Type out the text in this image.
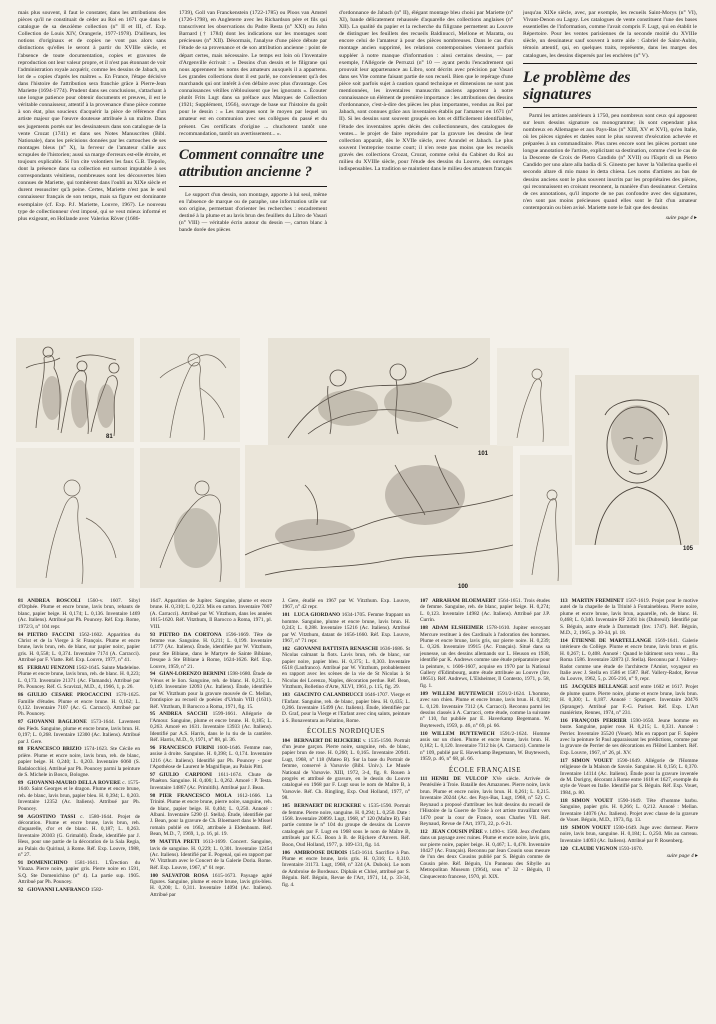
mais plus souvent, il faut le constater, dans les attributions des pièces qu'il ne constituait de céder au Roi en 1671 que dans le catalogue de sa deuxième collection (n° II et III, cf. Exp. Collection de Louis XIV, Orangerie, 1977-1978). D'ailleurs, les notions d'originaux et de copies ne vont pas alors sans distinctions qu'elles le seront à partir du XVIIIe siècle, et l'absence de toute documentation, copies et gravures de reproduction ont leur valeur propre, et il n'est pas étonnant de voir l'administration royale acquérir, comme les dessins de Jabach, un lot de « copies d'après les maîtres ». En France, l'étape décisive dans l'histoire de l'attribution sera franchie grâce à Pierre-Jean Mariette (1694-1774). Prudent dans ses conclusions, s'attachant à une longue patience pour obtenir documents et preuves, il est le véritable connaisseur, attentif à la provenance d'une pièce comme à son état, plus soucieux d'acquérir la pièce de référence d'un artiste majeur que l'œuvre douteuse attribuée à un maître. Dans ses jugements portés sur les dessinateurs dans son catalogue de la vente Crozat (1741) et dans ses Notes Manuscrites (Bibl. Nationale), dans les précisions données par les cartouches de ses montages bleus (n° X), la ferveur de l'amateur s'allie aux scrupules de l'historien; aussi sa marge d'erreurs est-elle étroite, et toujours explicable. Si l'on cite volontiers les faux G.B. Tiepolo, dont la présence dans sa collection est surtout imputable à ses correspondants vénitiens, nombreuses sont les découvertes bien connues de Mariette, qui tombèrent dans l'oubli au XIXe siècle et durent ressusciter qu'à peine. Certes, Mariette n'est pas le seul connaisseur français de son temps, mais sa figure est dominante exemplaire (cf. Exp. P.J. Mariette, Louvre, 1967). Le nouveau type de collectionneur s'est imposé, qui se veut mieux informé et plus exigeant, en Hollande avec Valerius Röver (1686-

1739), Goll van Franckenstein (1722-1785) ou Ploos van Amstel (1726-1798), en Angleterre avec les Richardson père et fils qui transcrivent les observations du Padre Resta (n° XXI) ou John Barnard († 1784) dont les indications sur les montages sont précieuses (n° XII). Désormais, l'analyse d'une pièce débute par l'étude de sa provenance et de son attribution ancienne : point de départ certes, mais nécessaire. Le temps est loin où l'inventaire d'Argenville écrivait : « Dessins d'un dessin et le filigrane qui nous apprennent les noms des amateurs auxquels il a appartenu. Les grandes collections dont il est parlé, ne conviennent qu'à des marchands qui ont intérêt à s'en défaire avec plus d'avantage. Ces connaissances vétilles n'éblouissent que les ignorants ». Écouter plutôt Frits Lugt dans sa préface aux Marques de Collection (1921; Supplément, 1956), ouvrage de base sur l'histoire du goût pour le dessin : « Les marques sont le moyen par lequel un amateur est en communion avec ses collègues du passé et du présent. Ces certificats d'origine ... chuchotent tantôt une recommandation, tantôt un avertissement... ».

Comment connaître une attribution ancienne ?

Le support d'un dessin, son montage, apporte à lui seul, même en l'absence de marque ou de paraphe, une information utile sur son origine, permettant d'orienter les recherches : encadrement destiné à la plume et au lavis brun des feuillets du Libro de Vasari (n° VIII) — véritable écrin autour du dessin —, carton blanc à bande dorée des pièces

d'ordonnance de Jabach (n° II), élégant montage bleu choisi par Mariette (n° XI), bande délicatement rehaussée d'aquarelle des collections anglaises (n° XII). La qualité du papier et la recherche du filigrane permettent au Louvre de distinguer les feuillets des recueils Baldinucci, Mellone et Maratta, ou encore celui de l'amateur à pour des pièces nombreuses. Dans le cas d'un montage ancien supprimé, les relations contemporaines viennent parfois suppléer à notre manque d'information : ainsi certains dessins, — par exemple, l'Allégorie de Perruzzi (n° 10 — ayant perdu l'encadrement qui prouvait leur appartenance au Libro, sont décrits avec précision par Vasari dans ses Vite comme faisant partie de son recueil. Bien que le repérage d'une pièce soit parfois sujet à caution quand technique et dimensions ne sont pas mentionnées, les inventaires manuscrits anciens apportent à notre connaissance un élément de première importance : les attributions des dessins d'ordonnance, c'est-à-dire des pièces les plus importantes, vendus au Roi par Jabach, sont connues grâce aux inventaires établis par l'amateur en 1671 (n° II). Si les dessins sont souvent groupés en lots et difficilement identifiables, l'étude des inventaires après décès des collectionneurs, des catalogues de ventes... le projet de faire reproduire par la gravure les dessins de leur collection apparaît, dès le XVIIe siècle, avec Arundel et Jabach. Le plus souvent l'entreprise tourne court; il n'en reste pas moins que les recueils gravés des collections Crozat, Crozat, comme celui du Cabinet du Roi au milieu du XVIIIe siècle, pour l'étude des dessins du Louvre, des ouvrages indispensables. La tradition se maintient dans le milieu des amateurs français

jusqu'au XIXe siècle, avec, par exemple, les recueils Saint-Morys (n° VI), Vivant-Denon ou Lagoy. Les catalogues de vente constituent l'une des bases essentielles de l'information, comme l'avait compris F. Lugt, qui en établit le Répertoire. Pour les ventes parisiennes de la seconde moitié du XVIIIe siècle, un dessinateur sauf souvent à notre aide : Gabriel de Saint-Aubin, témoin attentif, qui, en quelques traits, représente, dans les marges des catalogues, les dessins dispersés par les enchères (n° V).

Le problème des signatures

Parmi les artistes antérieurs à 1750, peu nombreux sont ceux qui apposent sur leurs dessins signature ou monogramme; ils sont cependant plus nombreux en Allemagne et aux Pays-Bas (n° XIII, XV et XVI), qu'en Italie, où les pièces signées et datées sont le plus souvent d'exécution achevée et préparées à un commanditaire. Plus rares encore sont les pièces portant une longue annotation de l'artiste, explicitant sa destination, comme c'est le cas de la Descente de Croix de Pietro Candido (n° XVII) ou l'Esprit di un Pietro Candido per uno alare alla badia di S. Ginesto per haver la Vallerina quello el secondo altare di mio mano in detta chiesa. Les noms d'artistes au bas de dessins anciens sont le plus souvent inscrits par les propriétaires des pièces, qui reconnaissent en croisant resonnent, la manière d'un dessinateur. Certains de ces annotations, qu'il importe de ne pas confondre avec des signatures, n'en sont pas moins précieuses quand elles sont le fait d'un amateur contemporain ou bien avisé. Mariette note le fait que des dessins

suite page 4 ▸
81
100
101
105
81 ANDREA BOSCOLI 1560-v. 1607. Sibyl d'Orphée. Plume et encre brune, lavis brun, rehauts de blanc, papier beige. H. 0,174; L. 0,136. Inventaire 1469 (Ac. Italiens). Attribué par Ph. Pouncey. Réf. Exp. Rome, 1972/3, n° 104 repr.
84 PIETRO FACCINI 1562-1602. Apparition du Christ et de la Vierge à St François. Plume et encre brune, lavis brun, reh. de blanc, sur papier noirc, papier gris. H. 0,558; L. 0,374. Inventaire 7174 (A. Carracci). Attribué par F. Viatte. Réf. Exp. Louvre, 1977, n° 41.
85 FERRAU FENZONI 1562-1645. Sainte Madeleine. Plume et encre brune, lavis brun, reh. de blanc. H. 0,223; L. 0,173. Inventaire 21371 (Ac. Flamands). Attribué par Ph. Pouncey. Réf. G. Scavizzi, M.D., 4, 1966, 1, p. 26.
86 GIULIO CESARE PROCACCINI 1570-1625. Famille d'études. Plume et encre brune. H. 0,162; L. 0,132. Inventaire 7107 (Ac. G. Carracci). Attribué par Ph. Pouncey.
87 GIOVANNI BAGLIONE 1573-1644. Lavement des Pieds. Sanguine, plume et encre brune, lavis brun. H. 0,197; L. 0,268. Inventaire 12300 (Ac. Italiens). Attribué par J. Gere.
88 FRANCESCO BRIZIO 1574-1623. Ste Cécile en prière. Plume et encre noire, lavis brun, reh. de blanc, papier beige. H. 0,240; L. 0,203. Inventaire 6060 (S. Badalocchio). Attribué par Ph. Pouncey parmi la peinture de S. Michele in Bosco, Bologne.
89 GIOVANNI-MAURO DELLA ROVERE c. 1575-1640. Saint Georges et le dragon. Plume et encre brune, reh. de blanc, lavis brun, papier bleu. H. 0,394; L. 0,203. Inventaire 12352 (Ac. Italiens). Attribué par Ph. Pouncey.
90 AGOSTINO TASSI c. 1580-1644. Projet de décoration. Plume et encre brune, lavis brun, reh. d'aquarelle, d'or et de blanc. H. 0,187; L. 0,263. Inventaire 20303 (G. Grimaldi). Étude, identifiée par J. Hess, pour une partie de la décoration de la Sala Regia, au Palais du Quirinal, à Rome. Réf. Exp. Louvre, 1988, n° 27.
91 DOMENICHINO 1581-1641. L'Érection du Vinaza. Pierre noire, papier gris. Pierre noire en 1591, S.Q. Ste Domenichino (n° 4). La partie sup. 1905. Attribué par Ph. Pouncey.
92 GIOVANNI LANFRANCO 1582-
1647. Apparition de Jupiter. Sanguine, plume et encre brune. H. 0,310; L. 0,223. Mis en carton. Inventaire 7007 (A. Carracci). Attribué par W. Vitzthum, dans les années 1615-1620. Réf. Vitzthum, Il Barocco a Roma, 1971, pl. VIII.
93 PIETRO DA CORTONA 1596-1669. Tête de femme vue. Sanguine. H. 0,211; L. 0,199. Inventaire 14777 (Ac. Italiens). Étude, identifiée par W. Vitzthum, pour Ste Bibiane, dans le Martyre de Sainte Bibiane, fresque à Ste Bibiane à Rome, 1624-1626. Réf. Exp. Louvre, 1959, n° 21.
94 GIAN-LORENZO BERNINI 1598-1680. Étude de Vénus et le lion. Sanguine, reh. de blanc. H. 0,215; L. 0,149. Inventaire 12093 (Ac. Italiens). Étude, identifiée par W. Vitzthum pour la gravure mouvée de C. Mellan, frontispice au recueil de poésies d'Urbain VIII (1631). Réf. Vitzthum, Il Barocco a Roma, 1971, fig. 15.
95 ANDREA SACCHI 1599-1661. Allégorie de l'Amour. Sanguine, plume et encre brune. H. 0,185; L. 0,263. Amoré en 1631. Inventaire 13933 (Ac. Italiens). Identifié par A.S. Harris, dans le lu tiu de la cantière. Réf. Harris, M.D., 9, 1971, n° 88, pl. 36.
96 FRANCESCO FURINI 1600-1646. Femme nue, assise à droite. Sanguine. H. 0,398; L. 0,174. Inventaire 1216 (Ac. Italiens). Identifié par Ph. Pouncey - pour l'Apothéose de Laurent le Magnifique, au Palais Pitti.
97 GIULIO CARPIONI 1611-1674. Chute de Phaéton. Sanguine. H. 0,406; L. 0,262. Amoré : P. Testa. Inventaire 14867 (Ac. Primitifs). Attribué par J. Bean.
98 PIER FRANCESCO MOLA 1612-1666. La Trinité. Plume et encre brune, pierre noire, sanguine, reh. de blanc, papier beige. H. 0,404; L. 0,250. Annoté : Albani. Inventaire 5290 (J. Stella). Étude, identifiée par J. Bean, pour la gravure de Ch. Bloemaert dans le Missel romain publié en 1662, attribuée à Eldenbaum. Réf. Bean, M.D., 7, 1969, 1, p. 16, pl. 19.
99 MATTIA PRETI 1613-1699. Concert. Sanguine, lavis de sanguine. H. 0,229; L. 0,301. Inventaire 12454 (Ac. Italiens). Identifié par E. Pogenal, qui en rapport par W. Vitzthum avec le Concert de la Galerie Doria. Rome. Réf. Exp. Louvre, 1967, n° 61 repr.
100 SALVATOR ROSA 1615-1673. Paysage agité figures. Sanguine, plume et encre brune, lavis gris-bleu. H. 0,200; L. 0,311. Inventaire 14094 (Ac. Italiens). Attribué par
J. Gere, étudié en 1967 par W. Vitzthum. Exp. Louvre, 1967, n° 42 repr.
101 LUCA GIORDANO 1634-1705. Femme frappant un homme. Sanguine, plume et encre brune, lavis brun. H. 0,243; L. 0,288. Inventaire 15216 (Ac. Italiens). Attribué par W. Vitzthum, datant de 1656-1660. Réf. Exp. Louvre, 1967, n° 71 repr.
102 GIOVANNI BATTISTA RENASCHI 1636-1686. St Nicolas calmant la flots. Lavis brun, reh. de blanc, sur papier noire, papier bleu. H. 0,375; L. 0,303. Inventaire 6518 (Lanfranco). Attribué par W. Vitzthum, probablement en rapport avec les scènes de la vie de St Nicolas à St Nicolas dei Lorenzo, Naples, décoration perdue. Réf. Bean, Vitzthum, Bolletino d'Arte, XLVI, 1961, p. 115, fig. 29.
103 GIACINTO CALANDRUCCI 1646-1707. Vierge et l'Enfant. Sanguine, reh. de blanc, papier bleu. H. 0,435; L. 0,266. Inventaire 15499 (Ac. Italiens). Étude, identifiée par D. Graf, pour la Vierge et l'Enfant avec cinq saints, peinture à S. Bonaventura au Palatino, Rome.
ÉCOLES NORDIQUES
104 BERNAERT DE RIJCKERE v. 1535-1590. Portrait d'un jeune garçon. Pierre noire, sanguine, reh. de blanc, papier brun de rose. H. 0,260; L. 0,165. Inventaire 20941. Lugt, 1968, n° 118 (Mateo B). Sur la base du Portrait de femme, conservé à Varsovie (Bibl. Univ.). Le Musée National de Varsovie. XIII, 1972, 3-4, fig. 8. Rouen à progrès et attribué de gravure, en le dessin du Louvre catalogué en 1968 par F. Lugt sous le nom de Maître B, à Varsovie. Réf. Ch. Ringling, Exp. Oud Holland, 1977, n° 98.
105 BERNAERT DE RIJCKERE v. 1535-1590. Portrait de femme. Pierre noire, sanguine. H. 0,294; L. 0,250. Date : 1568. Inventaire 20899. Lugt, 1968, n° 120 (Maître B). Fait partie comme le n° 104 du groupe de dessins du Louvre catalogués par F. Lugt en 1968 sous le nom de Maître B, attribués par K.G. Boon à B. de Rijckere d'Anvers. Réf. Boon, Oud Holland, 1977, p. 109-131, fig. 14.
106 AMBROOSE DUBOIS 1543-1614. Sacrifice à Pan. Plume et encre brune, lavis gris. H. 0,316; L. 0,310. Inventaire 31173. Lugt, 1968, n° 324 (A. Dubois). Le nom de Ambroise de Bordeaux. Diphaïs et Chloé, attribué par S. Béguin. Réf. Béguin, Revue de l'Art, 1971, 14, p. 33-34, fig. 4.
107 ABRAHAM BLOEMAERT 1564-1651. Trois études de femme. Sanguine, reh. de blanc, papier beige. H. 0,274; L. 0,123. Inventaire 14982 (Ac. Italiens). Attribué par J.P. Currin.
108 ADAM ELSHEIMER 1578-1610. Jupiter envoyant Mercure restituer à des Cardinals à l'adoration des hommes. Plume et encre brune, lavis gris, sur pierre noire. H. 0,239; L. 0,326. Inventaire 19915 (Ac. Français). Situé dans sa jeunesse, un des dessins allemands sur L. Heuson en 1938, identifié par K. Andrews comme une étude préparatoire pour la peinture, v. 1606-1607, acquise en 1970 par la National Gallery d'Edimbourg, autre étude attribuée au Louvre (Inv. 18651). Réf. Andrews, L'Elsheimer, Il Contesto, 1971, p. 58, fig. 1.
109 WILLEM BUYTEWECH 1591/2-1624. L'homme, avec son chien. Plume et encre brune, lavis brun. H. 0,182; L. 0,120. Inventaire 7312 (A. Carracci). Reconnu parmi les dessins classés à A. Carracci, cette étude, comme la suivante n° 110, fut publiée par E. Haverkamp Begemann. W. Buytewech, 1959, p. 46, n° 69, pl. 66.
110 WILLEM BUYTEWECH 1591/2-1624. Homme assis sur un chien. Plume et encre brune, lavis brun. H. 0,182; L. 0,120. Inventaire 7312 bis (A. Carracci). Comme le n° 109, publié par E. Haverkamp Begemann, W. Buytewech, 1959, p. 46, n° 68, pl. 66.
ÉCOLE FRANÇAISE
111 HENRI DE VULCOP XVe siècle. Arrivée de Pentésilée à Troie. Bataille des Amazones. Pierre noire, lavis brun. Plume et encre noire, lavis brun. H. 0,261; L. 0,215. Inventaire 20244 (Ac. des Pays-Bas, Lugt, 1968, n° 52). C. Reynaud a proposé d'attribuer les huit dessins du recueil de l'Histoire de la Guerre de Troie à cet artiste travaillant vers 1470 pour la cour de France, sous Charles VII. Réf. Reynaud, Revue de l'Art, 1973, 22, p. 6-21.
112 JEAN COUSIN PÈRE v. 1490-v. 1560. Jeux d'enfants dans un paysage avec ruines. Plume et encre noire, lavis gris, sur pierre noire, papier beige. H. 0,467; L. 0,478. Inventaire 10427 (Ac. Français). Reconnu par Jean Cousin sous mesure de l'un des deux Cousins publié par S. Béguin comme de Cousin père. Réf. Béguin, Un Panneau des Sibylle au Metropolitan Museum (1964), sous n° 32 - Béguin, Il Cinquecento francese, 1970, pl. XIX.
113 MARTIN FREMINET 1567-1619. Projet pour le motive autel de la chapelle de la Trinité à Fontainebleau. Pierre noire, plume et encre brune, lavis brun, aquarelle, reh. de blanc. H. 0,468; L. 0,340. Inventaire RF 2361 bis (Dubreuil). Identifié par S. Béguin, autre étude à Darmstadt (Inv. 1747). Réf. Béguin, M.D., 2, 1965, p. 30-34, pl. 18.
114 ÉTIENNE DE MARTELLANGE 1569-1641. Galerie intérieure du Collège. Plume et encre brune, lavis brun et gris. H. 0,267; L. 0,408. Annoté : Quand le bâtiment sera venu ... Ra Roma 1586. Inventaire 32873 (J. Stella). Reconnu par J. Vallery-Radot comme une étude de l'architecte l'Amiot, voyageur en Italie avec J. Stella en 1586 et 1587. Réf. Vallery-Radot, Revue du Louvre, 1962, 5, p. 205-216, n° 9, repr.
115 JACQUES BELLANGE actif entre 1602 et 1617. Projet de plume quatre. Pierre noire, plume et encre brune, lavis brun. H. 0,300; L. 0,187. Annoté : Sprangert. Inventaire 20476 (Spranger). Attribué par F.-G. Pariset. Réf. Exp. L'Art maniériste, Rennes, 1974, n° 231.
116 FRANÇOIS PERRIER 1590-1650. Jeune homme en buste. Sanguine, papier rose. H. 0,215; L. 0,331. Annoté : Perrier. Inventaire 35520 (Vouet). Mis en rapport par F. Sapère avec la peinture St Paul apparaissant les prédictions, comme par la gravure de Perrier de ses décorations en l'Hôtel Lambert. Réf. Exp. Louvre, 1967, n° 26, pl. XV.
117 SIMON VOUET 1590-1649. Allégorie de l'Homme religieuse de la Maison de Savoie. Sanguine. H. 0,156; L. 0,370. Inventaire 14114 (Ac. Italiens). Étude pour la gravure inventée de M. Dorigny, décorant à Rome entre 1618 et 1627, exemple du style de Vouet en Italie. Identifié par S. Béguin. Réf. Exp. Vouet, 1984, p. 80.
118 SIMON VOUET 1590-1649. Tête d'homme barbu. Sanguine, papier gris. H. 0,266; L. 0,212. Annoté : Mellan. Inventaire 14076 (Ac. Italiens). Projet avec classe de la gravure de Vouet. Béguin, M.D., 1973, fig. 13.
119 SIMON VOUET 1590-1649. Juge avec dormeur. Pierre noire, lavis brun, sanguine. H. 0,184; L. 0,250. Mis au carreau. Inventaire 14093 (Ac. Italiens). Attribué par P. Rosenberg.
120 CLAUDE VIGNON 1593-1670.
suite page 4 ▸
